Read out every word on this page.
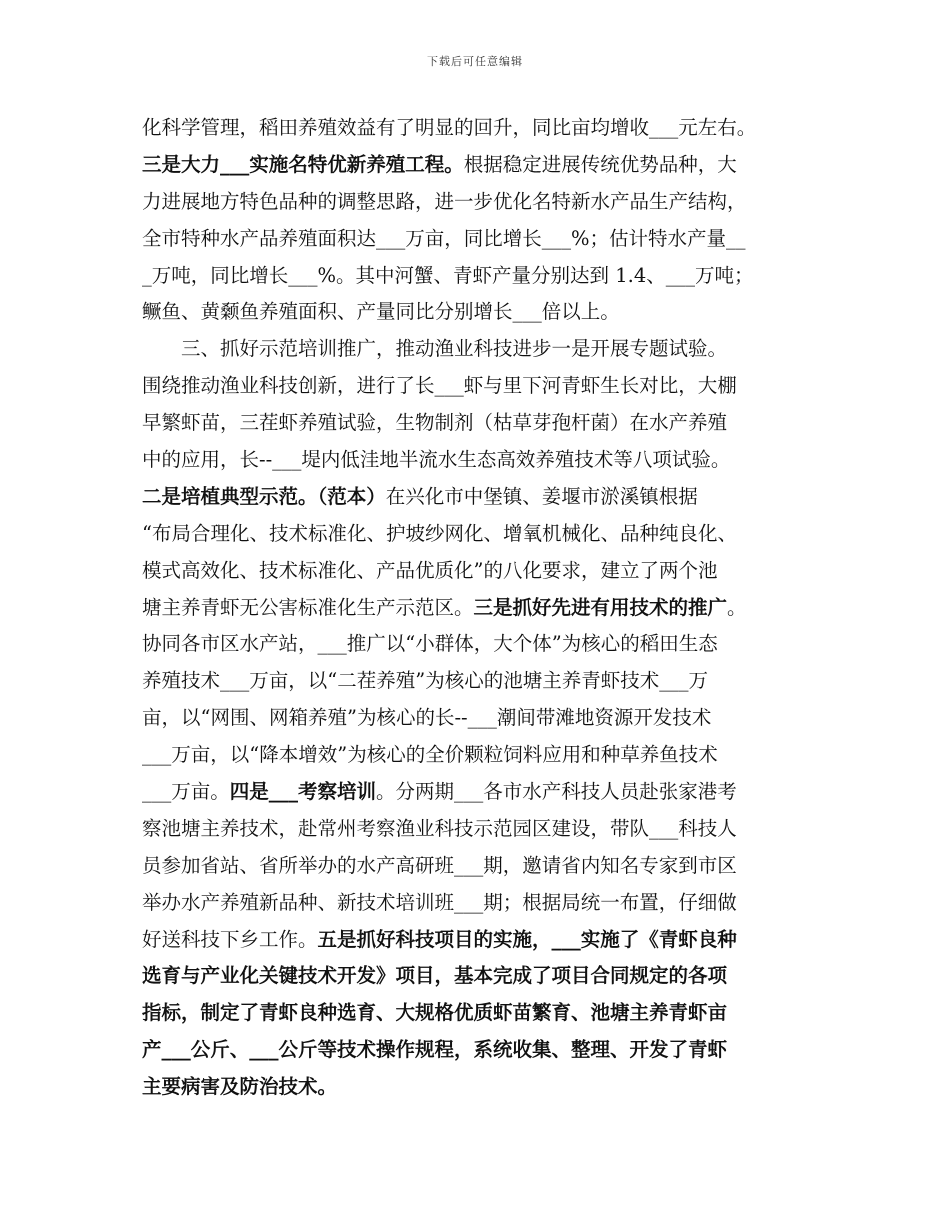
下载后可任意编辑
化科学管理，稻田养殖效益有了明显的回升，同比亩均增收___元左右。
三是大力___实施名特优新养殖工程。根据稳定进展传统优势品种，大
力进展地方特色品种的调整思路，进一步优化名特新水产品生产结构，
全市特种水产品养殖面积达___万亩，同比增长___%；估计特水产量__
_万吨，同比增长___%。其中河蟹、青虾产量分别达到 1.4、___万吨；
鳜鱼、黄颡鱼养殖面积、产量同比分别增长___倍以上。
　　三、抓好示范培训推广，推动渔业科技进步一是开展专题试验。
围绕推动渔业科技创新，进行了长___虾与里下河青虾生长对比，大棚
早繁虾苗，三茬虾养殖试验，生物制剂（枯草芽孢杆菌）在水产养殖
中的应用，长--___堤内低洼地半流水生态高效养殖技术等八项试验。
二是培植典型示范。（范本）在兴化市中堡镇、姜堰市淤溪镇根据
“布局合理化、技术标准化、护坡纱网化、增氧机械化、品种纯良化、
模式高效化、技术标准化、产品优质化”的八化要求，建立了两个池
塘主养青虾无公害标准化生产示范区。三是抓好先进有用技术的推广。
协同各市区水产站，___推广以“小群体，大个体”为核心的稻田生态
养殖技术___万亩，以“二茬养殖”为核心的池塘主养青虾技术___万
亩，以“网围、网箱养殖”为核心的长--___潮间带滩地资源开发技术
___万亩，以“降本增效”为核心的全价颗粒饲料应用和种草养鱼技术
___万亩。四是___考察培训。分两期___各市水产科技人员赴张家港考
察池塘主养技术，赴常州考察渔业科技示范园区建设，带队___科技人
员参加省站、省所举办的水产高研班___期，邀请省内知名专家到市区
举办水产养殖新品种、新技术培训班___期；根据局统一布置，仔细做
好送科技下乡工作。五是抓好科技项目的实施，___实施了《青虾良种
选育与产业化关键技术开发》项目，基本完成了项目合同规定的各项
指标，制定了青虾良种选育、大规格优质虾苗繁育、池塘主养青虾亩
产___公斤、___公斤等技术操作规程，系统收集、整理、开发了青虾
主要病害及防治技术。
